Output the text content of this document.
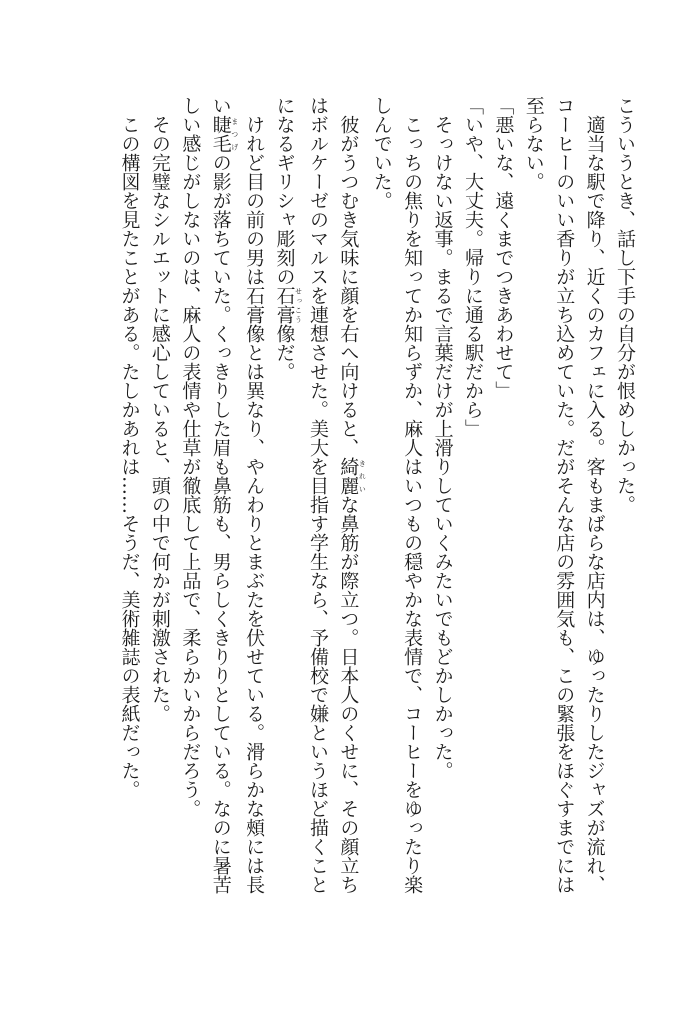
こういうとき、話し下手の自分が恨めしかった。

　適当な駅で降り、近くのカフェに入る。客もまばらな店内は、ゆったりしたジャズが流れ、

コーヒーのいい香りが立ち込めていた。だがそんな店の雰囲気も、この緊張をほぐすまでには

至らない。

「悪いな、遠くまでつきあわせて」

「いや、大丈夫。帰りに通る駅だから」

　そっけない返事。まるで言葉だけが上滑りしていくみたいでもどかしかった。

　こっちの焦りを知ってか知らずか、麻人はいつもの穏やかな表情で、コーヒーをゆったり楽

しんでいた。

　彼がうつむき気味に顔を右へ向けると、綺麗 きれいな鼻筋が際立つ。日本人のくせに、その顔立ち

はボルケーゼのマルスを連想させた。美大を目指す学生なら、予備校で嫌というほど描くこと

になるギリシャ彫刻の石膏 せっこう像だ。

　けれど目の前の男は石膏像とは異なり、やんわりとまぶたを伏せている。滑らかな頰には長

い睫毛 まつげの影が落ちていた。くっきりした眉も鼻筋も、男らしくきりりとしている。なのに暑苦

しい感じがしないのは、麻人の表情や仕草が徹底して上品で、柔らかいからだろう。

　その完璧なシルエットに感心していると、頭の中で何かが刺激された。

　この構図を見たことがある。たしかあれは……そうだ、美術雑誌の表紙だった。
